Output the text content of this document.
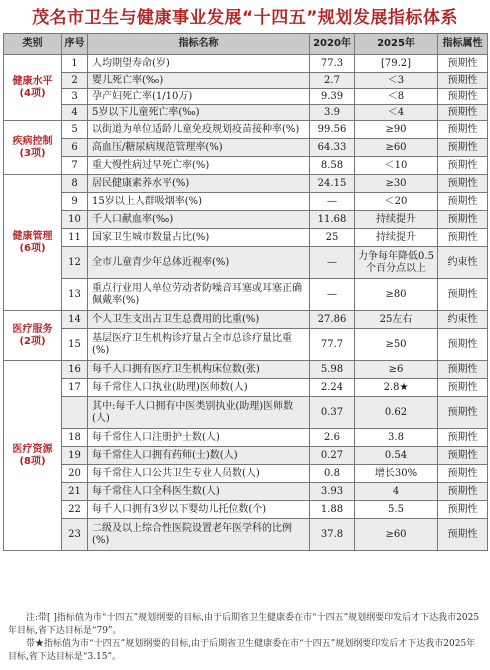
茂名市卫生与健康事业发展“十四五”规划发展指标体系
类别	序号	指标名称	2020年	2025年	指标属性

健康水平
(4项)	1	人均期望寿命(岁)	77.3	[79.2]	预期性
	2	婴儿死亡率(‰)	2.7	＜3	预期性
	3	孕产妇死亡率(1/10万)	9.39	＜8	预期性
	4	5岁以下儿童死亡率(‰)	3.9	＜4	预期性

疾病控制
(3项)	5	以街道为单位适龄儿童免疫规划疫苗接种率(%)	99.56	≥90	预期性
	6	高血压/糖尿病规范管理率(%)	64.33	≥60	预期性
	7	重大慢性病过早死亡率(%)	8.58	＜10	预期性

健康管理
(6项)	8	居民健康素养水平(%)	24.15	≥30	预期性
	9	15岁以上人群吸烟率(%)	—	＜20	预期性
	10	千人口献血率(‰)	11.68	持续提升	预期性
	11	国家卫生城市数量占比(%)	25	持续提升	预期性
	12	全市儿童青少年总体近视率(%)	—	力争每年降低0.5个百分点以上	约束性
	13	重点行业用人单位劳动者防噪音耳塞或耳塞正确佩戴率(%)	—	≥80	预期性

医疗服务
(2项)	14	个人卫生支出占卫生总费用的比重(%)	27.86	25左右	约束性
	15	基层医疗卫生机构诊疗量占全市总诊疗量比重(%)	77.7	≥50	预期性

医疗资源
(8项)	16	每千人口拥有医疗卫生机构床位数(张)	5.98	≥6	预期性
	17	每千常住人口执业(助理)医师数(人)	2.24	2.8★	预期性
		其中:每千人口拥有中医类别执业(助理)医师数(人)	0.37	0.62	预期性
	18	每千常住人口注册护士数(人)	2.6	3.8	预期性
	19	每千常住人口拥有药师(士)数(人)	0.27	0.54	预期性
	20	每千常住人口公共卫生专业人员数(人)	0.8	增长30%	预期性
	21	每千常住人口全科医生数(人)	3.93	4	预期性
	22	每千人口拥有3岁以下婴幼儿托位数(个)	1.88	5.5	预期性
	23	二级及以上综合性医院设置老年医学科的比例(%)	37.8	≥60	预期性

注:带[ ]指标值为市“十四五”规划纲要的目标,由于后期省卫生健康委在市“十四五”规划纲要印发后才下达我市2025年目标,省下达目标是“79”。

带★指标值为市“十四五”规划纲要的目标,由于后期省卫生健康委在市“十四五”规划纲要印发后才下达我市2025年目标,省下达目标是“3.15”。
